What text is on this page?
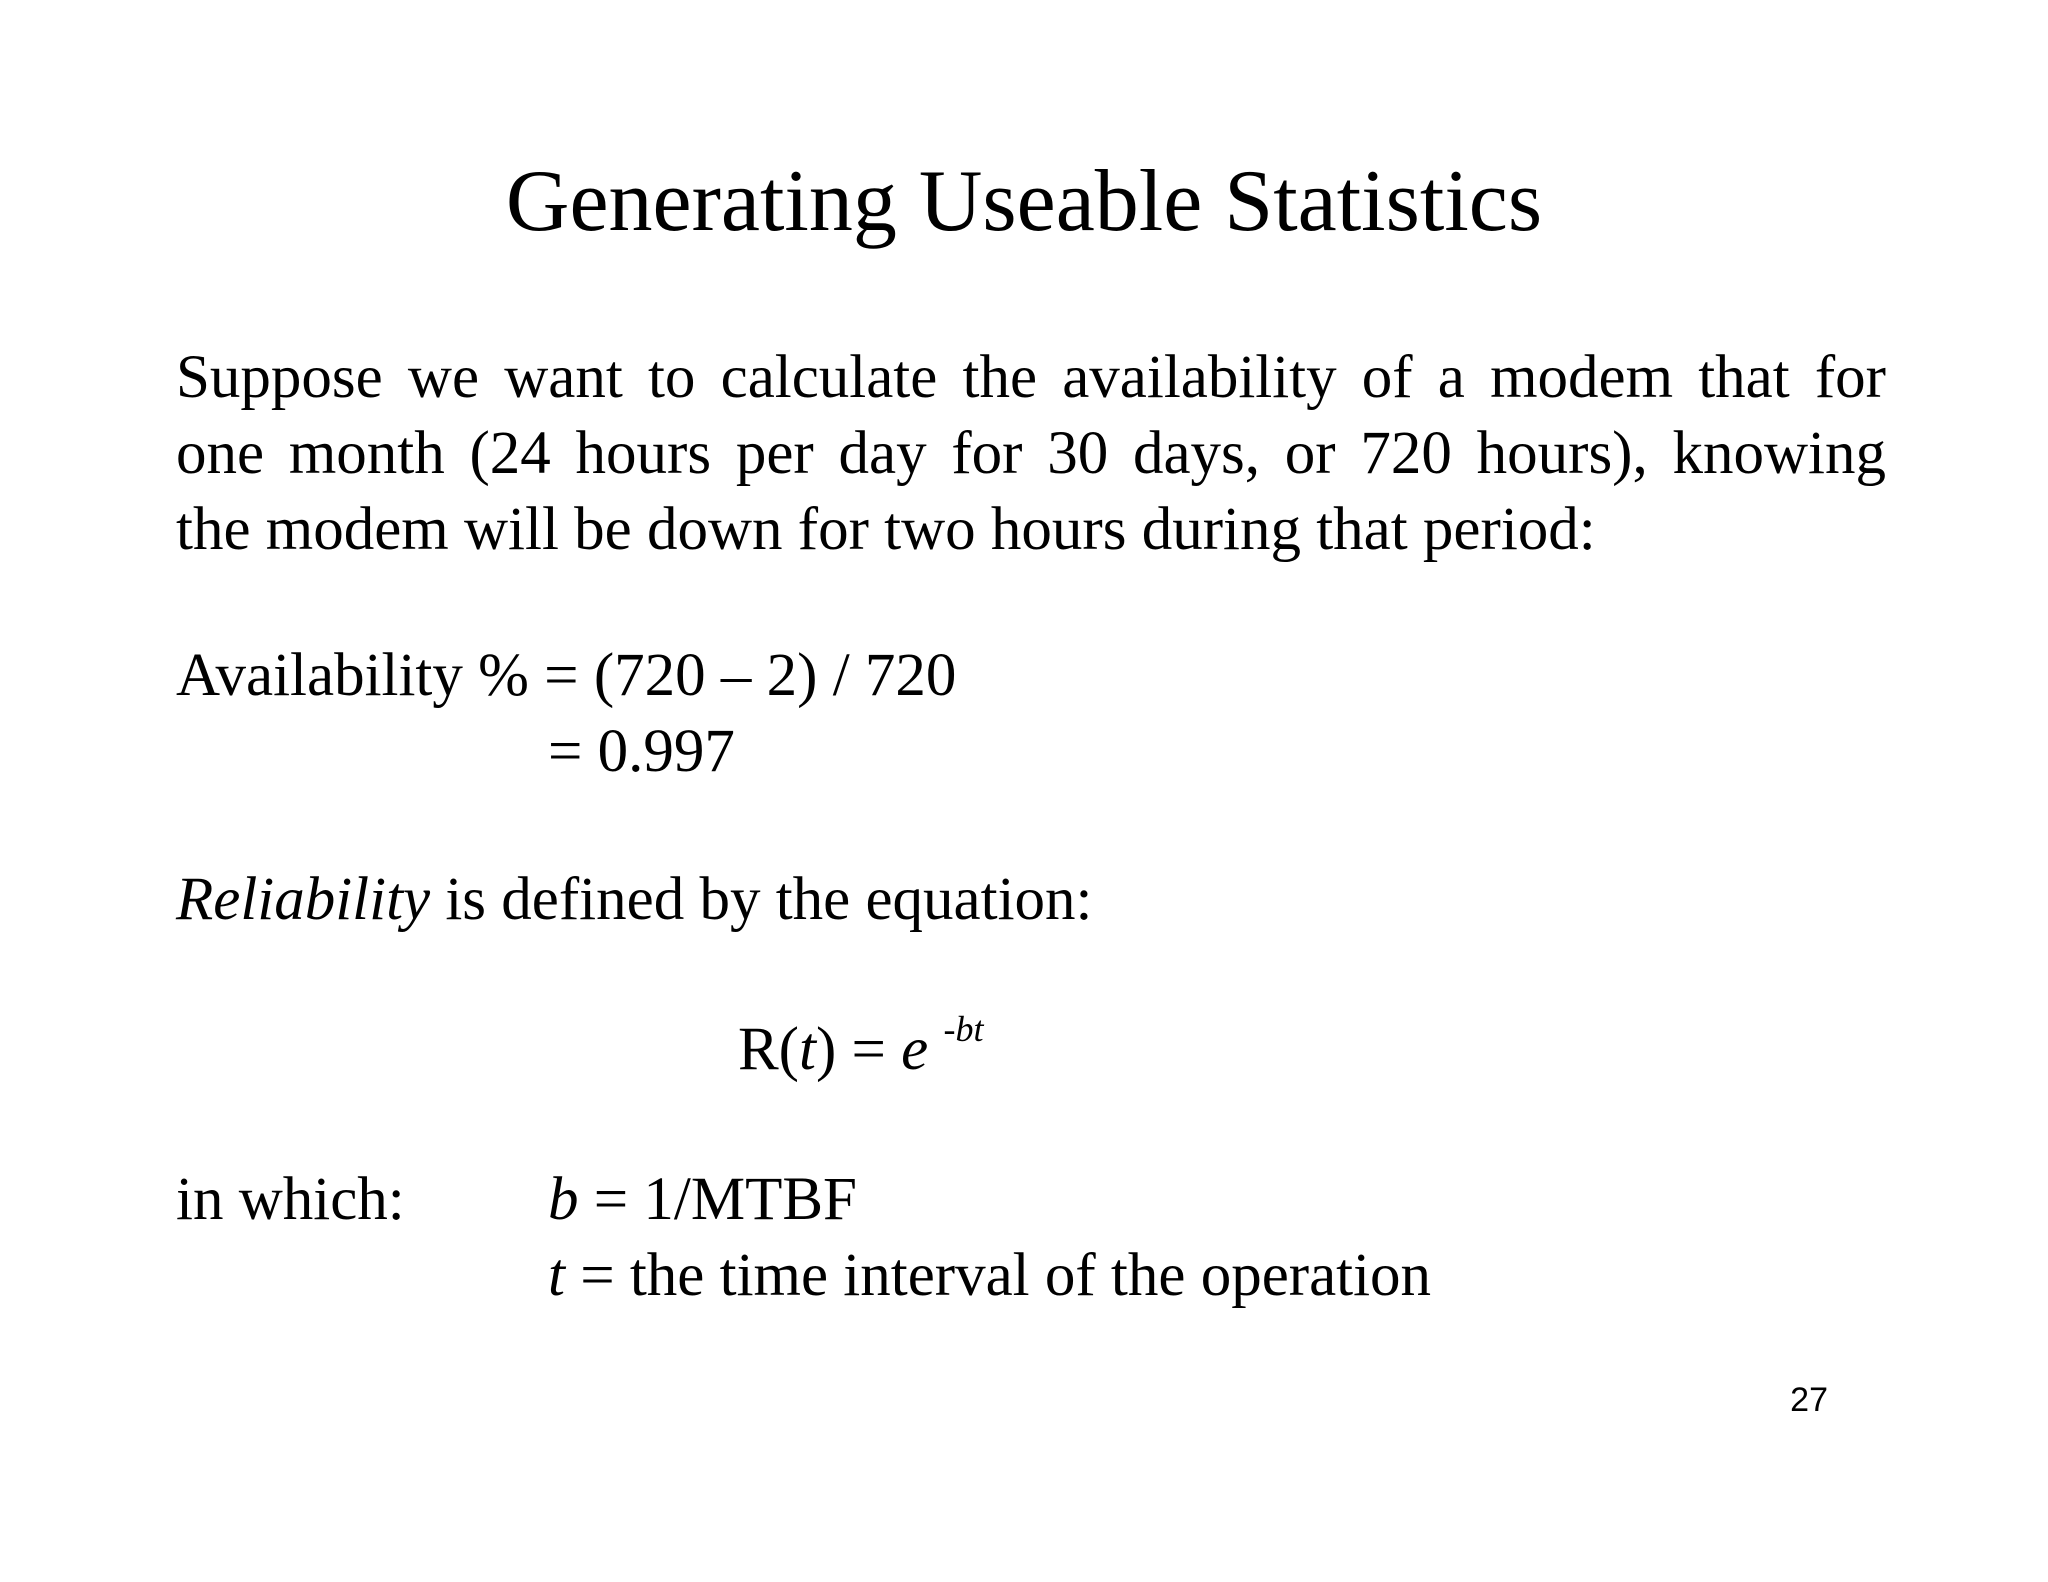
Generating Useable Statistics
Suppose we want to calculate the availability of a modem that for
one month (24 hours per day for 30 days, or 720 hours), knowing
the modem will be down for two hours during that period:
Availability % = (720 – 2) / 720
= 0.997
Reliability is defined by the equation:
R(t) = e $^{-bt}$
in which: b = 1/MTBF
t = the time interval of the operation
27
